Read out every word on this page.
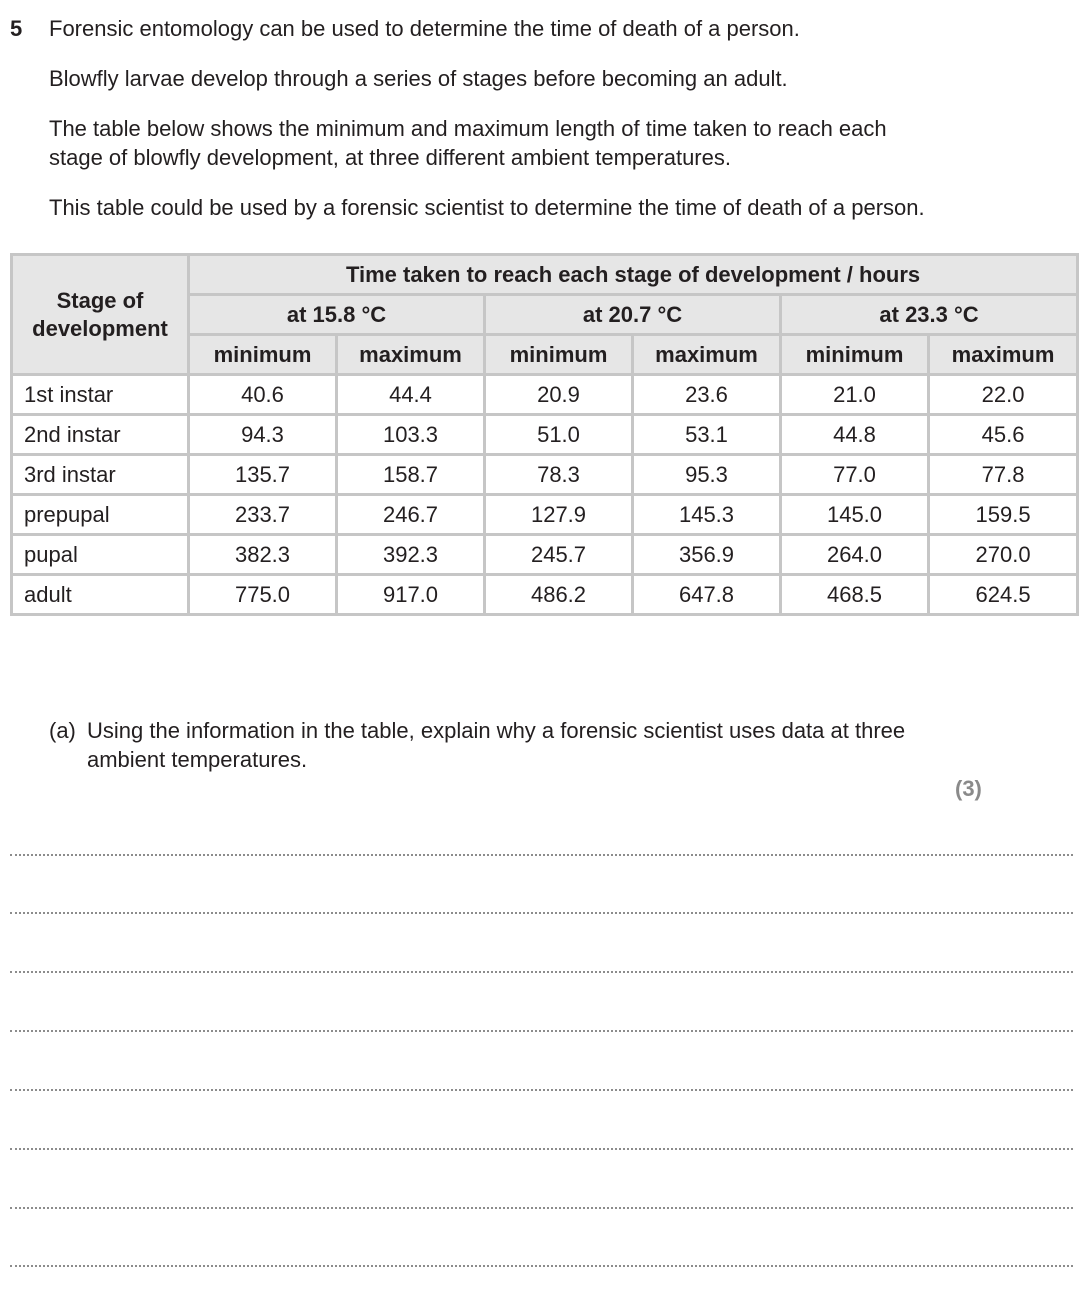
5 Forensic entomology can be used to determine the time of death of a person.

Blowfly larvae develop through a series of stages before becoming an adult.

The table below shows the minimum and maximum length of time taken to reach each stage of blowfly development, at three different ambient temperatures.

This table could be used by a forensic scientist to determine the time of death of a person.

Stage of development	Time taken to reach each stage of development / hours					
	at 15.8 °C		at 20.7 °C		at 23.3 °C	
	minimum	maximum	minimum	maximum	minimum	maximum
1st instar	40.6	44.4	20.9	23.6	21.0	22.0
2nd instar	94.3	103.3	51.0	53.1	44.8	45.6
3rd instar	135.7	158.7	78.3	95.3	77.0	77.8
prepupal	233.7	246.7	127.9	145.3	145.0	159.5
pupal	382.3	392.3	245.7	356.9	264.0	270.0
adult	775.0	917.0	486.2	647.8	468.5	624.5
(a) Using the information in the table, explain why a forensic scientist uses data at three ambient temperatures.
(3)
